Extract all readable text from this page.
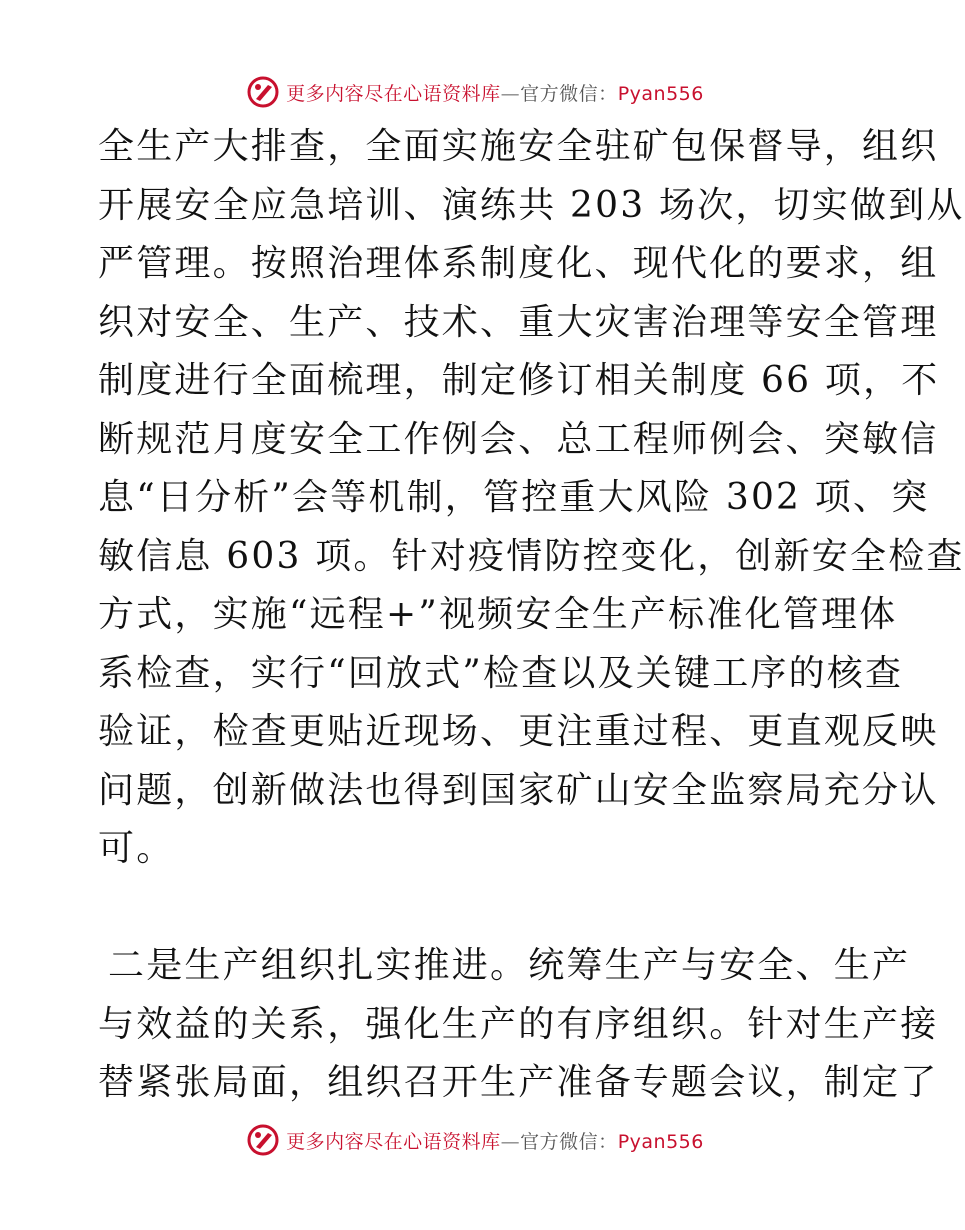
更多内容尽在心语资料库—官方微信：Pyan556
全生产大排查，全面实施安全驻矿包保督导，组织
开展安全应急培训、演练共 203 场次，切实做到从
严管理。按照治理体系制度化、现代化的要求，组
织对安全、生产、技术、重大灾害治理等安全管理
制度进行全面梳理，制定修订相关制度 66 项，不
断规范月度安全工作例会、总工程师例会、突敏信
息“日分析”会等机制，管控重大风险 302 项、突
敏信息 603 项。针对疫情防控变化，创新安全检查
方式，实施“远程+”视频安全生产标准化管理体
系检查，实行“回放式”检查以及关键工序的核查
验证，检查更贴近现场、更注重过程、更直观反映
问题，创新做法也得到国家矿山安全监察局充分认
可。
二是生产组织扎实推进。统筹生产与安全、生产
与效益的关系，强化生产的有序组织。针对生产接
替紧张局面，组织召开生产准备专题会议，制定了
更多内容尽在心语资料库—官方微信：Pyan556
